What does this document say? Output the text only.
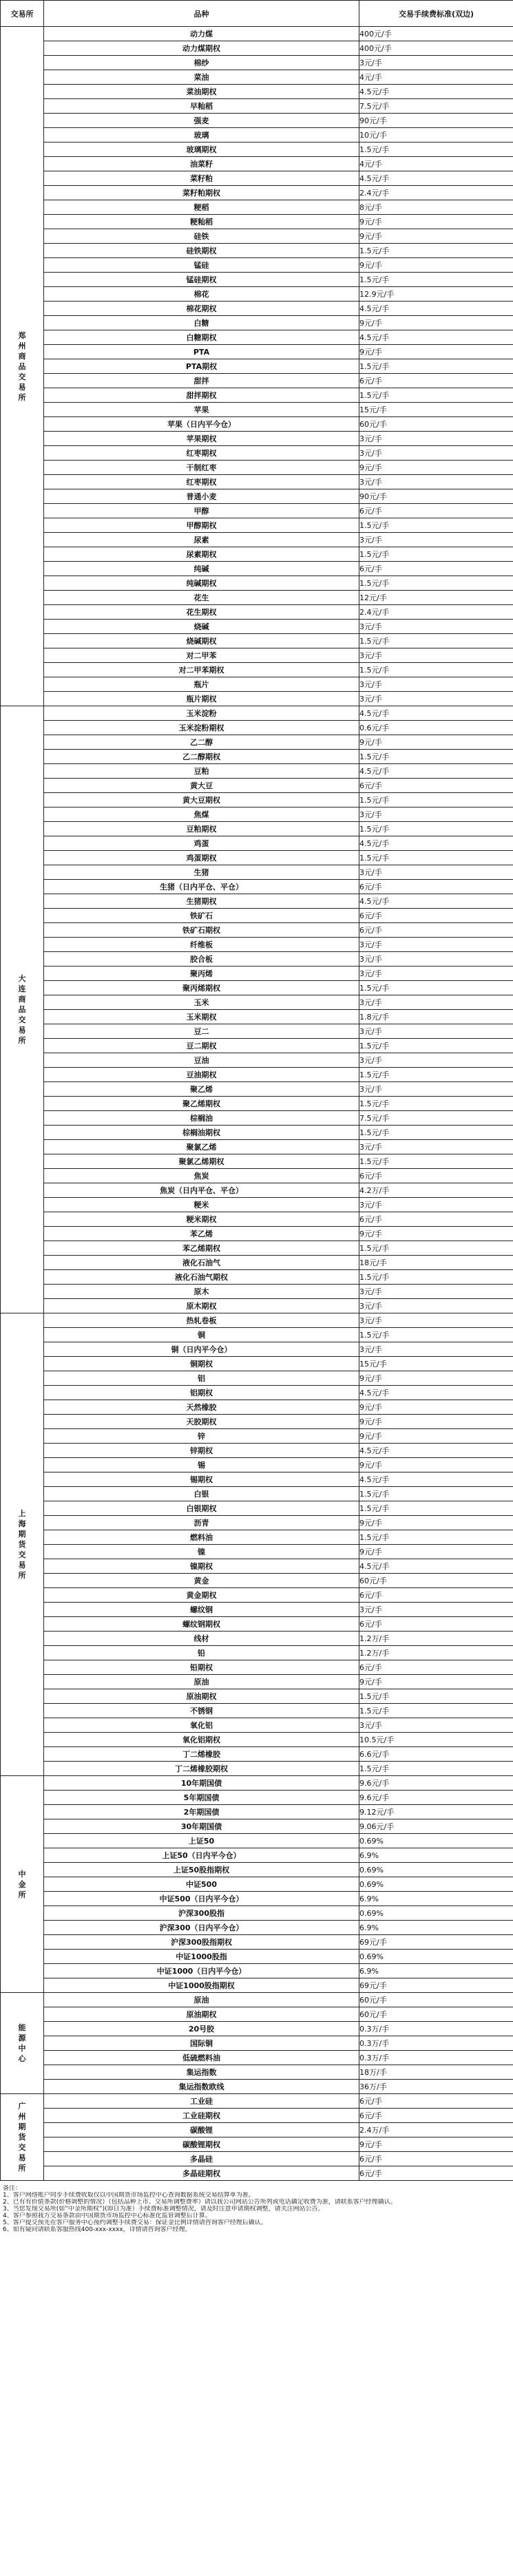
交易所	品种	交易手续费标准(双边)
郑州商品交易所	动力煤	400元/手
	动力煤期权	400元/手
	棉纱	3元/手
	菜油	4元/手
	菜油期权	4.5元/手
	早籼稻	7.5元/手
	强麦	90元/手
	玻璃	10元/手
	玻璃期权	1.5元/手
	油菜籽	4元/手
	菜籽粕	4.5元/手
	菜籽粕期权	2.4元/手
	粳稻	8元/手
	粳籼稻	9元/手
	硅铁	9元/手
	硅铁期权	1.5元/手
	锰硅	9元/手
	锰硅期权	1.5元/手
	棉花	12.9元/手
	棉花期权	4.5元/手
	白糖	9元/手
	白糖期权	4.5元/手
	PTA	9元/手
	PTA期权	1.5元/手
	甜拌	6元/手
	甜拌期权	1.5元/手
	苹果	15元/手
	苹果（日内平今仓）	60元/手
	苹果期权	3元/手
	红枣期权	3元/手
	干制红枣	9元/手
	红枣期权	3元/手
	普通小麦	90元/手
	甲醇	6元/手
	甲醇期权	1.5元/手
	尿素	3元/手
	尿素期权	1.5元/手
	纯碱	6元/手
	纯碱期权	1.5元/手
	花生	12元/手
	花生期权	2.4元/手
	烧碱	3元/手
	烧碱期权	1.5元/手
	对二甲苯	3元/手
	对二甲苯期权	1.5元/手
	瓶片	3元/手
	瓶片期权	3元/手
大连商品交易所	玉米淀粉	4.5元/手
	玉米淀粉期权	0.6元/手
	乙二醇	9元/手
	乙二醇期权	1.5元/手
	豆粕	4.5元/手
	黄大豆	6元/手
	黄大豆期权	1.5元/手
	焦煤	3元/手
	豆粕期权	1.5元/手
	鸡蛋	4.5元/手
	鸡蛋期权	1.5元/手
	生猪	3元/手
	生猪（日内平仓、平仓）	6元/手
	生猪期权	4.5元/手
	铁矿石	6元/手
	铁矿石期权	6元/手
	纤维板	3元/手
	胶合板	3元/手
	聚丙烯	3元/手
	聚丙烯期权	1.5元/手
	玉米	3元/手
	玉米期权	1.8元/手
	豆二	3元/手
	豆二期权	1.5元/手
	豆油	3元/手
	豆油期权	1.5元/手
	聚乙烯	3元/手
	聚乙烯期权	1.5元/手
	棕榈油	7.5元/手
	棕榈油期权	1.5元/手
	聚氯乙烯	3元/手
	聚氯乙烯期权	1.5元/手
	焦炭	6元/手
	焦炭（日内平仓、平仓）	4.2万/手
	粳米	3元/手
	粳米期权	6元/手
	苯乙烯	9元/手
	苯乙烯期权	1.5元/手
	液化石油气	18元/手
	液化石油气期权	1.5元/手
	原木	3元/手
	原木期权	3元/手
上海期货交易所	热轧卷板	3元/手
	铜	1.5元/手
	铜（日内平今仓）	3元/手
	铜期权	15元/手
	铝	9元/手
	铝期权	4.5元/手
	天然橡胶	9元/手
	天胶期权	9元/手
	锌	9元/手
	锌期权	4.5元/手
	锡	9元/手
	锡期权	4.5元/手
	白银	1.5元/手
	白银期权	1.5元/手
	沥青	9元/手
	燃料油	1.5元/手
	镍	9元/手
	镍期权	4.5元/手
	黄金	60元/手
	黄金期权	6元/手
	螺纹钢	3元/手
	螺纹钢期权	6元/手
	线材	1.2万/手
	铅	1.2万/手
	铅期权	6元/手
	原油	9元/手
	原油期权	1.5元/手
	不锈钢	1.5元/手
	氧化铝	3元/手
	氧化铝期权	10.5元/手
	丁二烯橡胶	6.6元/手
	丁二烯橡胶期权	1.5元/手
中金所	10年期国债	9.6元/手
	5年期国债	9.6元/手
	2年期国债	9.12元/手
	30年期国债	9.06元/手
	上证50	0.69%
	上证50（日内平今仓）	6.9%
	上证50股指期权	0.69%
	中证500	0.69%
	中证500（日内平今仓）	6.9%
	沪深300股指	0.69%
	沪深300（日内平今仓）	6.9%
	沪深300股指期权	69元/手
	中证1000股指	0.69%
	中证1000（日内平今仓）	6.9%
	中证1000股指期权	69元/手
能源中心	原油	60元/手
	原油期权	60元/手
	20号胶	0.3万/手
	国际铜	0.3万/手
	低硫燃料油	0.3万/手
	集运指数	18万/手
	集运指数欧线	36万/手
广州期货交易所	工业硅	6元/手
	工业硅期权	6元/手
	碳酸锂	2.4万/手
	碳酸锂期权	9元/手
	多晶硅	6元/手
	多晶硅期权	6元/手
备注：
1、客户网络账户同步手续费收取仅以中国期货市场监控中心查询数据系统交易结算单为准。
2、已有有价值条款(价格调整的情况）（包括品种上市、交易所调整费率）请以我公司网站公告所列或电话确定收费为准，请联系客户经理确认。
3、当您发现交易所(如”中金所期权”)(即日为准）手续费标准调整情况，请及时注意申请期权调整，请关注网站公告。
4、客户参照我方交易条款由中国期货市场监控中心标准化监管调整后计算。
5、客户提交预先在客户服务中心预约调整手续费交易：保证金比例详情请咨询客户经理后确认。
6、如有疑问请联系客服热线400-xxx-xxxx，详情请咨询客户经理。
